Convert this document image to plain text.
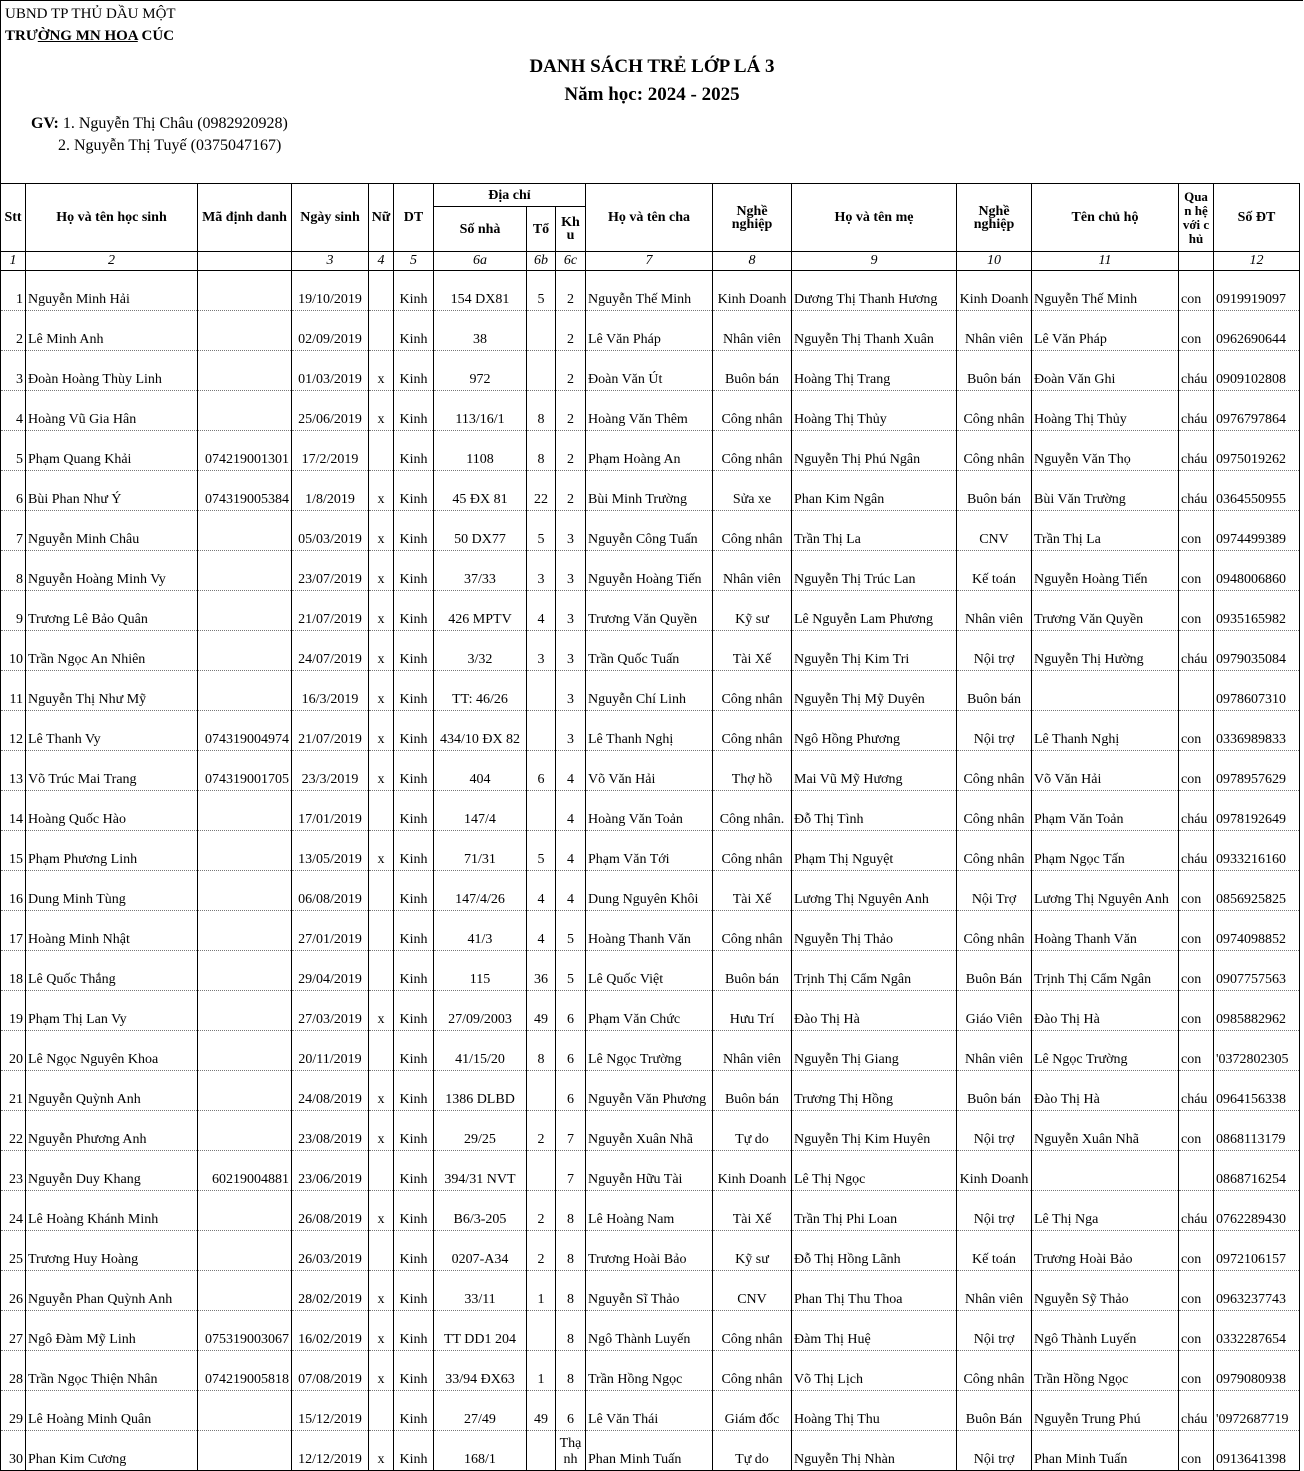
UBND TP THỦ DẦU MỘT
TRƯỜNG MN HOA CÚC
DANH SÁCH TRẺ LỚP LÁ 3
Năm học: 2024 - 2025
GV: 1. Nguyễn Thị Châu (0982920928)
2. Nguyễn Thị Tuyế (0375047167)
Stt	Họ và tên học sinh	Mã định danh	Ngày sinh	Nữ	DT	Địa chỉ			Họ và tên cha	Nghề nghiệp	Họ và tên mẹ	Nghề nghiệp	Tên chủ hộ	Quan hệ với chủ	Số ĐT
						Số nhà	Tổ	Khu							
1	2		3	4	5	6a	6b	6c	7	8	9	10	11		12
1	Nguyễn Minh Hải		19/10/2019		Kinh	154 DX81	5	2	Nguyễn Thế Minh	Kinh Doanh	Dương Thị Thanh Hương	Kinh Doanh	Nguyễn Thế Minh	con	0919919097
2	Lê Minh Anh		02/09/2019		Kinh	38		2	Lê Văn Pháp	Nhân viên	Nguyễn Thị Thanh Xuân	Nhân viên	Lê Văn Pháp	con	0962690644
3	Đoàn Hoàng Thùy Linh		01/03/2019	x	Kinh	972		2	Đoàn Văn Út	Buôn bán	Hoàng Thị Trang	Buôn bán	Đoàn Văn Ghi	cháu	0909102808
4	Hoàng Vũ Gia Hân		25/06/2019	x	Kinh	113/16/1	8	2	Hoàng Văn Thêm	Công nhân	Hoàng Thị Thủy	Công nhân	Hoàng Thị Thủy	cháu	0976797864
5	Phạm Quang Khải	074219001301	17/2/2019		Kinh	1108	8	2	Phạm Hoàng An	Công nhân	Nguyễn Thị Phú Ngân	Công nhân	Nguyễn Văn Thọ	cháu	0975019262
6	Bùi Phan Như Ý	074319005384	1/8/2019	x	Kinh	45 ĐX 81	22	2	Bùi Minh Trường	Sửa xe	Phan Kim Ngân	Buôn bán	Bùi Văn Trường	cháu	0364550955
7	Nguyễn Minh Châu		05/03/2019	x	Kinh	50 DX77	5	3	Nguyễn Công Tuấn	Công nhân	Trần Thị La	CNV	Trần Thị La	con	0974499389
8	Nguyễn Hoàng Minh Vy		23/07/2019	x	Kinh	37/33	3	3	Nguyễn Hoàng Tiến	Nhân viên	Nguyễn Thị Trúc Lan	Kế toán	Nguyễn Hoàng Tiến	con	0948006860
9	Trương Lê Bảo Quân		21/07/2019	x	Kinh	426 MPTV	4	3	Trương Văn Quyền	Kỹ sư	Lê Nguyễn Lam Phương	Nhân viên	Trương Văn Quyền	con	0935165982
10	Trần Ngọc An Nhiên		24/07/2019	x	Kinh	3/32	3	3	Trần Quốc Tuấn	Tài Xế	Nguyễn Thị Kim Tri	Nội trợ	Nguyễn Thị Hường	cháu	0979035084
11	Nguyễn Thị Như Mỹ		16/3/2019	x	Kinh	TT: 46/26		3	Nguyễn Chí Linh	Công nhân	Nguyễn Thị Mỹ Duyên	Buôn bán			0978607310
12	Lê Thanh Vy	074319004974	21/07/2019	x	Kinh	434/10 ĐX 82		3	Lê Thanh Nghị	Công nhân	Ngô Hồng Phương	Nội trợ	Lê Thanh Nghị	con	0336989833
13	Võ Trúc Mai Trang	074319001705	23/3/2019	x	Kinh	404	6	4	Võ Văn Hải	Thợ hồ	Mai Vũ Mỹ Hương	Công nhân	Võ Văn Hải	con	0978957629
14	Hoàng Quốc Hào		17/01/2019		Kinh	147/4		4	Hoàng Văn Toản	Công nhân.	Đỗ Thị Tình	Công nhân	Phạm Văn Toản	cháu	0978192649
15	Phạm Phương Linh		13/05/2019	x	Kinh	71/31	5	4	Phạm Văn Tới	Công nhân	Phạm Thị Nguyệt	Công nhân	Phạm Ngọc Tấn	cháu	0933216160
16	Dung Minh Tùng		06/08/2019		Kinh	147/4/26	4	4	Dung Nguyên Khôi	Tài Xế	Lương Thị Nguyên Anh	Nội Trợ	Lương Thị Nguyên Anh	con	0856925825
17	Hoàng Minh Nhật		27/01/2019		Kinh	41/3	4	5	Hoàng Thanh Văn	Công nhân	Nguyễn Thị Thảo	Công nhân	Hoàng Thanh Văn	con	0974098852
18	Lê Quốc Thắng		29/04/2019		Kinh	115	36	5	Lê Quốc Việt	Buôn bán	Trịnh Thị Cẩm Ngân	Buôn Bán	Trịnh Thị Cẩm Ngân	con	0907757563
19	Phạm Thị Lan Vy		27/03/2019	x	Kinh	27/09/2003	49	6	Phạm Văn Chức	Hưu Trí	Đào Thị Hà	Giáo Viên	Đào Thị Hà	con	0985882962
20	Lê Ngọc Nguyên Khoa		20/11/2019		Kinh	41/15/20	8	6	Lê Ngọc Trường	Nhân viên	Nguyễn Thị Giang	Nhân viên	Lê Ngọc Trường	con	'0372802305
21	Nguyễn Quỳnh Anh		24/08/2019	x	Kinh	1386 DLBD		6	Nguyễn Văn Phương	Buôn bán	Trương Thị Hồng	Buôn bán	Đào Thị Hà	cháu	0964156338
22	Nguyễn Phương Anh		23/08/2019	x	Kinh	29/25	2	7	Nguyễn Xuân Nhã	Tự do	Nguyễn Thị Kim Huyên	Nội trợ	Nguyễn Xuân Nhã	con	0868113179
23	Nguyễn Duy Khang	60219004881	23/06/2019		Kinh	394/31 NVT		7	Nguyễn Hữu Tài	Kinh Doanh	Lê Thị Ngọc	Kinh Doanh			0868716254
24	Lê Hoàng Khánh Minh		26/08/2019	x	Kinh	B6/3-205	2	8	Lê Hoàng Nam	Tài Xế	Trần Thị Phi Loan	Nội trợ	Lê Thị Nga	cháu	0762289430
25	Trương Huy Hoàng		26/03/2019		Kinh	0207-A34	2	8	Trương Hoài Bảo	Kỹ sư	Đỗ Thị Hồng Lãnh	Kế toán	Trương Hoài Bảo	con	0972106157
26	Nguyễn Phan Quỳnh Anh		28/02/2019	x	Kinh	33/11	1	8	Nguyễn Sĩ Thảo	CNV	Phan Thị Thu Thoa	Nhân viên	Nguyễn Sỹ Thảo	con	0963237743
27	Ngô Đàm Mỹ Linh	075319003067	16/02/2019	x	Kinh	TT DD1 204		8	Ngô Thành Luyến	Công nhân	Đàm Thị Huệ	Nội trợ	Ngô Thành Luyến	con	0332287654
28	Trần Ngọc Thiện Nhân	074219005818	07/08/2019	x	Kinh	33/94 ĐX63	1	8	Trần Hồng Ngọc	Công nhân	Võ Thị Lịch	Công nhân	Trần Hồng Ngọc	con	0979080938
29	Lê Hoàng Minh Quân		15/12/2019		Kinh	27/49	49	6	Lê Văn Thái	Giám đốc	Hoàng Thị Thu	Buôn Bán	Nguyễn Trung Phú	cháu	'0972687719
30	Phan Kim Cương		12/12/2019	x	Kinh	168/1		Thạnh	Phan Minh Tuấn	Tự do	Nguyễn Thị Nhàn	Nội trợ	Phan Minh Tuấn	con	0913641398
